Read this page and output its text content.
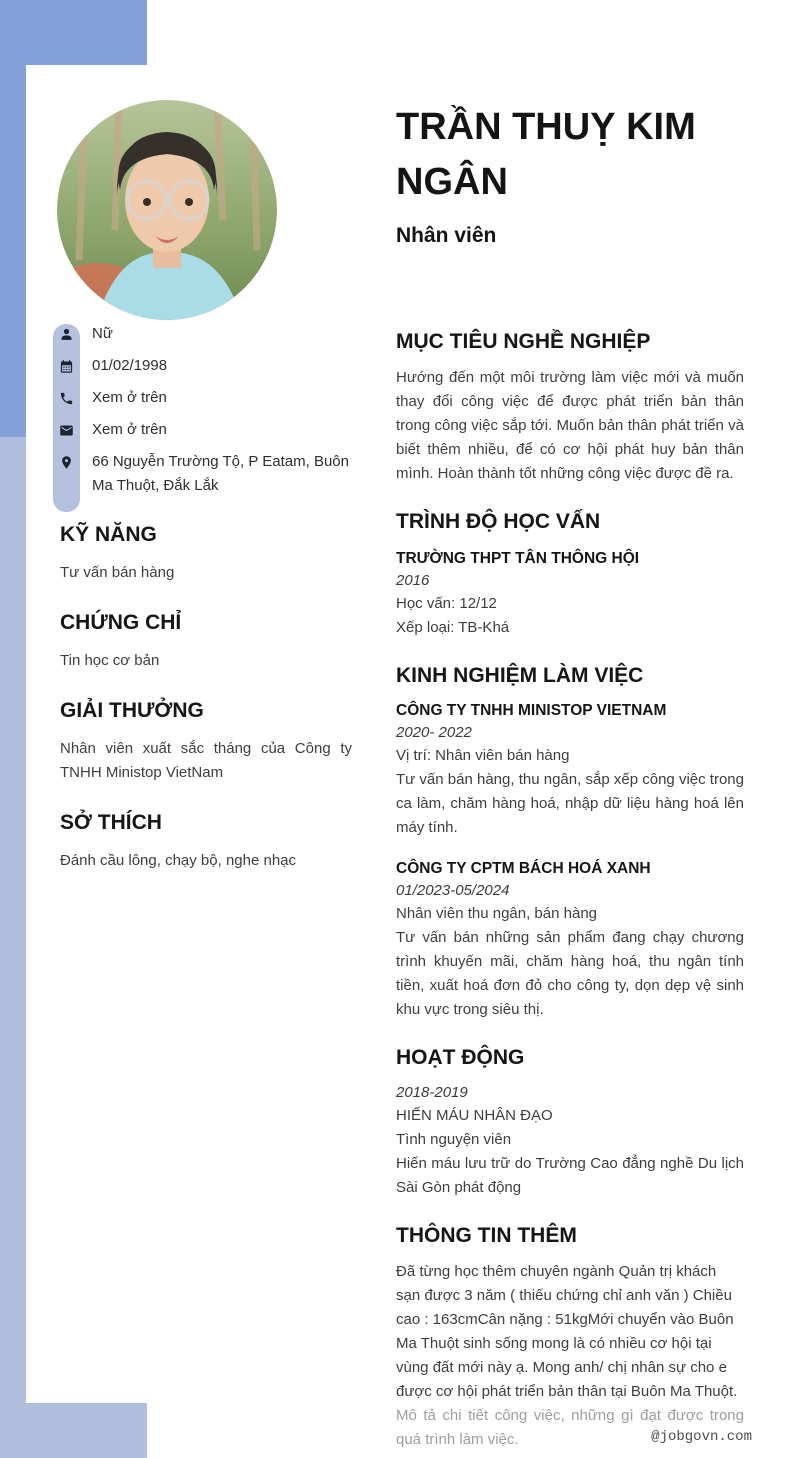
TRẦN THUỴ KIM NGÂN
Nhân viên
Nữ
01/02/1998
Xem ở trên
Xem ở trên
66 Nguyễn Trường Tộ, P Eatam, Buôn Ma Thuột, Đắk Lắk
KỸ NĂNG

Tư vấn bán hàng

CHỨNG CHỈ

Tin học cơ bản

GIẢI THƯỞNG

Nhân viên xuất sắc tháng của Công ty TNHH Ministop VietNam

SỞ THÍCH

Đánh cầu lông, chạy bộ, nghe nhạc

MỤC TIÊU NGHỀ NGHIỆP

Hướng đến một môi trường làm việc mới và muốn thay đổi công việc để được phát triển bản thân trong công việc sắp tới. Muốn bản thân phát triển và biết thêm nhiều, để có cơ hội phát huy bản thân mình. Hoàn thành tốt những công việc được đề ra.

TRÌNH ĐỘ HỌC VẤN
TRƯỜNG THPT TÂN THÔNG HỘI
2016
Học vấn: 12/12
Xếp loại: TB-Khá
KINH NGHIỆM LÀM VIỆC
CÔNG TY TNHH MINISTOP VIETNAM
2020- 2022
Vị trí: Nhân viên bán hàng

Tư vấn bán hàng, thu ngân, sắp xếp công việc trong ca làm, chăm hàng hoá, nhập dữ liệu hàng hoá lên máy tính.

CÔNG TY CPTM BÁCH HOÁ XANH
01/2023-05/2024
Nhân viên thu ngân, bán hàng

Tư vấn bán những sản phẩm đang chạy chương trình khuyến mãi, chăm hàng hoá, thu ngân tính tiền, xuất hoá đơn đỏ cho công ty, dọn dẹp vệ sinh khu vực trong siêu thị.

HOẠT ĐỘNG
2018-2019
HIẾN MÁU NHÂN ĐẠO
Tình nguyện viên

Hiến máu lưu trữ do Trường Cao đẳng nghề Du lịch Sài Gòn phát động

THÔNG TIN THÊM

Đã từng học thêm chuyên ngành Quản trị khách sạn được 3 năm ( thiếu chứng chỉ anh văn ) Chiều cao : 163cmCân nặng : 51kgMới chuyển vào Buôn Ma Thuột sinh sống mong là có nhiều cơ hội tại vùng đất mới này ạ. Mong anh/ chị nhân sự cho e được cơ hội phát triển bản thân tại Buôn Ma Thuột.

Mô tả chi tiết công việc, những gì đạt được trong quá trình làm việc.	@jobgovn.com
